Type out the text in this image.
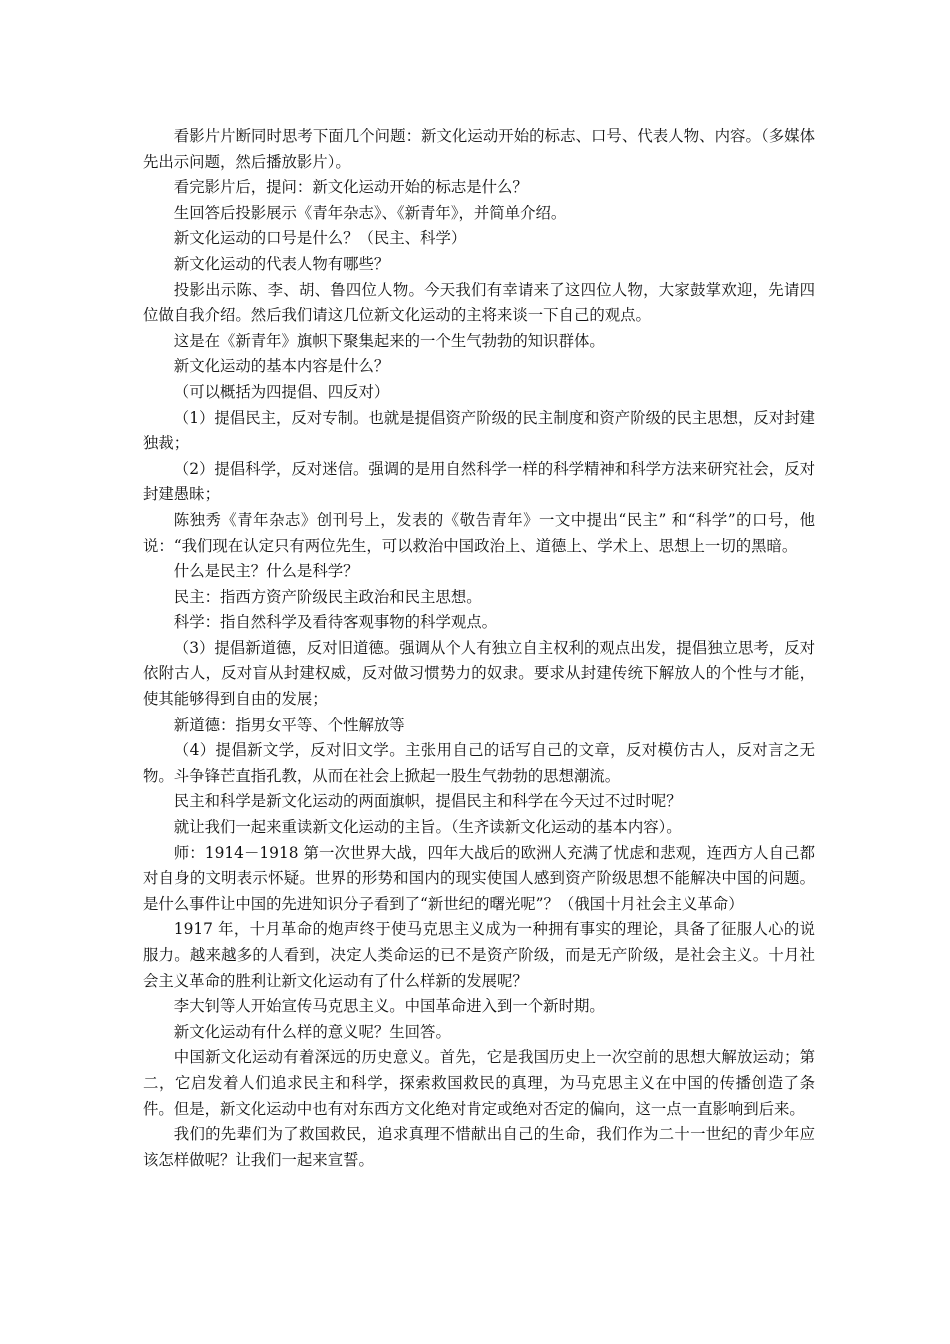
看影片片断同时思考下面几个问题：新文化运动开始的标志、口号、代表人物、内容。（多媒体先出示问题，然后播放影片）。

看完影片后，提问：新文化运动开始的标志是什么？

生回答后投影展示《青年杂志》、《新青年》，并简单介绍。

新文化运动的口号是什么？（民主、科学）

新文化运动的代表人物有哪些？

投影出示陈、李、胡、鲁四位人物。今天我们有幸请来了这四位人物，大家鼓掌欢迎，先请四位做自我介绍。然后我们请这几位新文化运动的主将来谈一下自己的观点。

这是在《新青年》旗帜下聚集起来的一个生气勃勃的知识群体。

新文化运动的基本内容是什么？

（可以概括为四提倡、四反对）

（1）提倡民主，反对专制。也就是提倡资产阶级的民主制度和资产阶级的民主思想，反对封建独裁；

（2）提倡科学，反对迷信。强调的是用自然科学一样的科学精神和科学方法来研究社会，反对封建愚昧；

陈独秀《青年杂志》创刊号上，发表的《敬告青年》一文中提出“民主” 和“科学”的口号，他说：“我们现在认定只有两位先生，可以救治中国政治上、道德上、学术上、思想上一切的黑暗。

什么是民主？什么是科学？

民主：指西方资产阶级民主政治和民主思想。

科学：指自然科学及看待客观事物的科学观点。

（3）提倡新道德，反对旧道德。强调从个人有独立自主权利的观点出发，提倡独立思考，反对依附古人，反对盲从封建权威，反对做习惯势力的奴隶。要求从封建传统下解放人的个性与才能，使其能够得到自由的发展；

新道德：指男女平等、个性解放等

（4）提倡新文学，反对旧文学。主张用自己的话写自己的文章，反对模仿古人，反对言之无物。斗争锋芒直指孔教，从而在社会上掀起一股生气勃勃的思想潮流。

民主和科学是新文化运动的两面旗帜，提倡民主和科学在今天过不过时呢？

就让我们一起来重读新文化运动的主旨。（生齐读新文化运动的基本内容）。

师：1914－1918 第一次世界大战，四年大战后的欧洲人充满了忧虑和悲观，连西方人自己都对自身的文明表示怀疑。世界的形势和国内的现实使国人感到资产阶级思想不能解决中国的问题。是什么事件让中国的先进知识分子看到了“新世纪的曙光呢”？（俄国十月社会主义革命）

1917 年，十月革命的炮声终于使马克思主义成为一种拥有事实的理论，具备了征服人心的说服力。越来越多的人看到，决定人类命运的已不是资产阶级，而是无产阶级，是社会主义。十月社会主义革命的胜利让新文化运动有了什么样新的发展呢？

李大钊等人开始宣传马克思主义。中国革命进入到一个新时期。

新文化运动有什么样的意义呢？生回答。

中国新文化运动有着深远的历史意义。首先，它是我国历史上一次空前的思想大解放运动；第二，它启发着人们追求民主和科学，探索救国救民的真理，为马克思主义在中国的传播创造了条件。但是，新文化运动中也有对东西方文化绝对肯定或绝对否定的偏向，这一点一直影响到后来。

我们的先辈们为了救国救民，追求真理不惜献出自己的生命，我们作为二十一世纪的青少年应该怎样做呢？让我们一起来宣誓。
